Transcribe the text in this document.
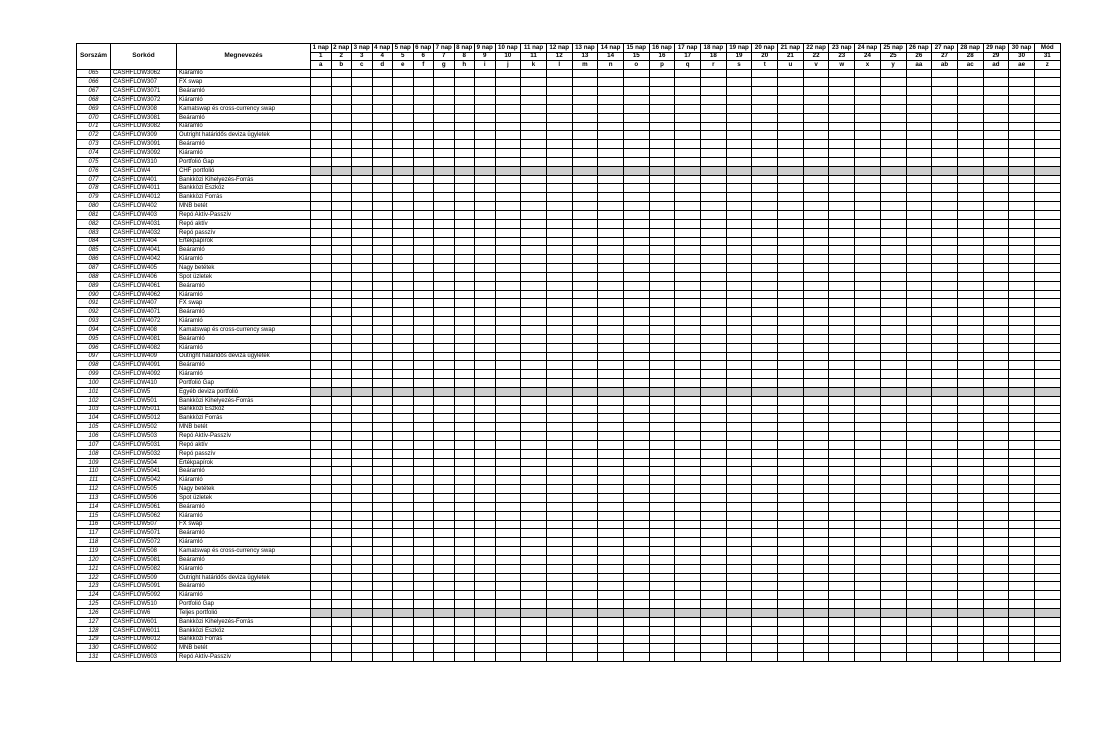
Sorszám	Sorkód	Megnevezés	1 nap	2 nap	3 nap	4 nap	5 nap	6 nap	7 nap	8 nap	9 nap	10 nap	11 nap	12 nap	13 nap	14 nap	15 nap	16 nap	17 nap	18 nap	19 nap	20 nap	21 nap	22 nap	23 nap	24 nap	25 nap	26 nap	27 nap	28 nap	29 nap	30 nap	Mód
			1	2	3	4	5	6	7	8	9	10	11	12	13	14	15	16	17	18	19	20	21	22	23	24	25	26	27	28	29	30	31
			a	b	c	d	e	f	g	h	i	j	k	l	m	n	o	p	q	r	s	t	u	v	w	x	y	aa	ab	ac	ad	ae	z
065	CASHFLOW3062	Kiáramló																															
066	CASHFLOW307	FX swap																															
067	CASHFLOW3071	Beáramló																															
068	CASHFLOW3072	Kiáramló																															
069	CASHFLOW308	Kamatswap és cross-currency swap																															
070	CASHFLOW3081	Beáramló																															
071	CASHFLOW3082	Kiáramló																															
072	CASHFLOW309	Outright határidős deviza ügyletek																															
073	CASHFLOW3091	Beáramló																															
074	CASHFLOW3092	Kiáramló																															
075	CASHFLOW310	Portfolió Gap																															
076	CASHFLOW4	CHF portfolió																															
077	CASHFLOW401	Bankközi Kihelyezés-Forrás																															
078	CASHFLOW4011	Bankközi Eszköz																															
079	CASHFLOW4012	Bankközi Forrás																															
080	CASHFLOW402	MNB betét																															
081	CASHFLOW403	Repó Aktív-Passzív																															
082	CASHFLOW4031	Repó aktív																															
083	CASHFLOW4032	Repó passzív																															
084	CASHFLOW404	Értékpapírok																															
085	CASHFLOW4041	Beáramló																															
086	CASHFLOW4042	Kiáramló																															
087	CASHFLOW405	Nagy betétek																															
088	CASHFLOW406	Spot üzletek																															
089	CASHFLOW4061	Beáramló																															
090	CASHFLOW4062	Kiáramló																															
091	CASHFLOW407	FX swap																															
092	CASHFLOW4071	Beáramló																															
093	CASHFLOW4072	Kiáramló																															
094	CASHFLOW408	Kamatswap és cross-currency swap																															
095	CASHFLOW4081	Beáramló																															
096	CASHFLOW4082	Kiáramló																															
097	CASHFLOW409	Outright határidős deviza ügyletek																															
098	CASHFLOW4091	Beáramló																															
099	CASHFLOW4092	Kiáramló																															
100	CASHFLOW410	Portfolió Gap																															
101	CASHFLOW5	Egyéb deviza portfolió																															
102	CASHFLOW501	Bankközi Kihelyezés-Forrás																															
103	CASHFLOW5011	Bankközi Eszköz																															
104	CASHFLOW5012	Bankközi Forrás																															
105	CASHFLOW502	MNB betét																															
106	CASHFLOW503	Repó Aktív-Passzív																															
107	CASHFLOW5031	Repó aktív																															
108	CASHFLOW5032	Repó passzív																															
109	CASHFLOW504	Értékpapírok																															
110	CASHFLOW5041	Beáramló																															
111	CASHFLOW5042	Kiáramló																															
112	CASHFLOW505	Nagy betétek																															
113	CASHFLOW506	Spot üzletek																															
114	CASHFLOW5061	Beáramló																															
115	CASHFLOW5062	Kiáramló																															
116	CASHFLOW507	FX swap																															
117	CASHFLOW5071	Beáramló																															
118	CASHFLOW5072	Kiáramló																															
119	CASHFLOW508	Kamatswap és cross-currency swap																															
120	CASHFLOW5081	Beáramló																															
121	CASHFLOW5082	Kiáramló																															
122	CASHFLOW509	Outright határidős deviza ügyletek																															
123	CASHFLOW5091	Beáramló																															
124	CASHFLOW5092	Kiáramló																															
125	CASHFLOW510	Portfolió Gap																															
126	CASHFLOW6	Teljes portfolió																															
127	CASHFLOW601	Bankközi Kihelyezés-Forrás																															
128	CASHFLOW6011	Bankközi Eszköz																															
129	CASHFLOW6012	Bankközi Forrás																															
130	CASHFLOW602	MNB betét																															
131	CASHFLOW603	Repó Aktív-Passzív																															
